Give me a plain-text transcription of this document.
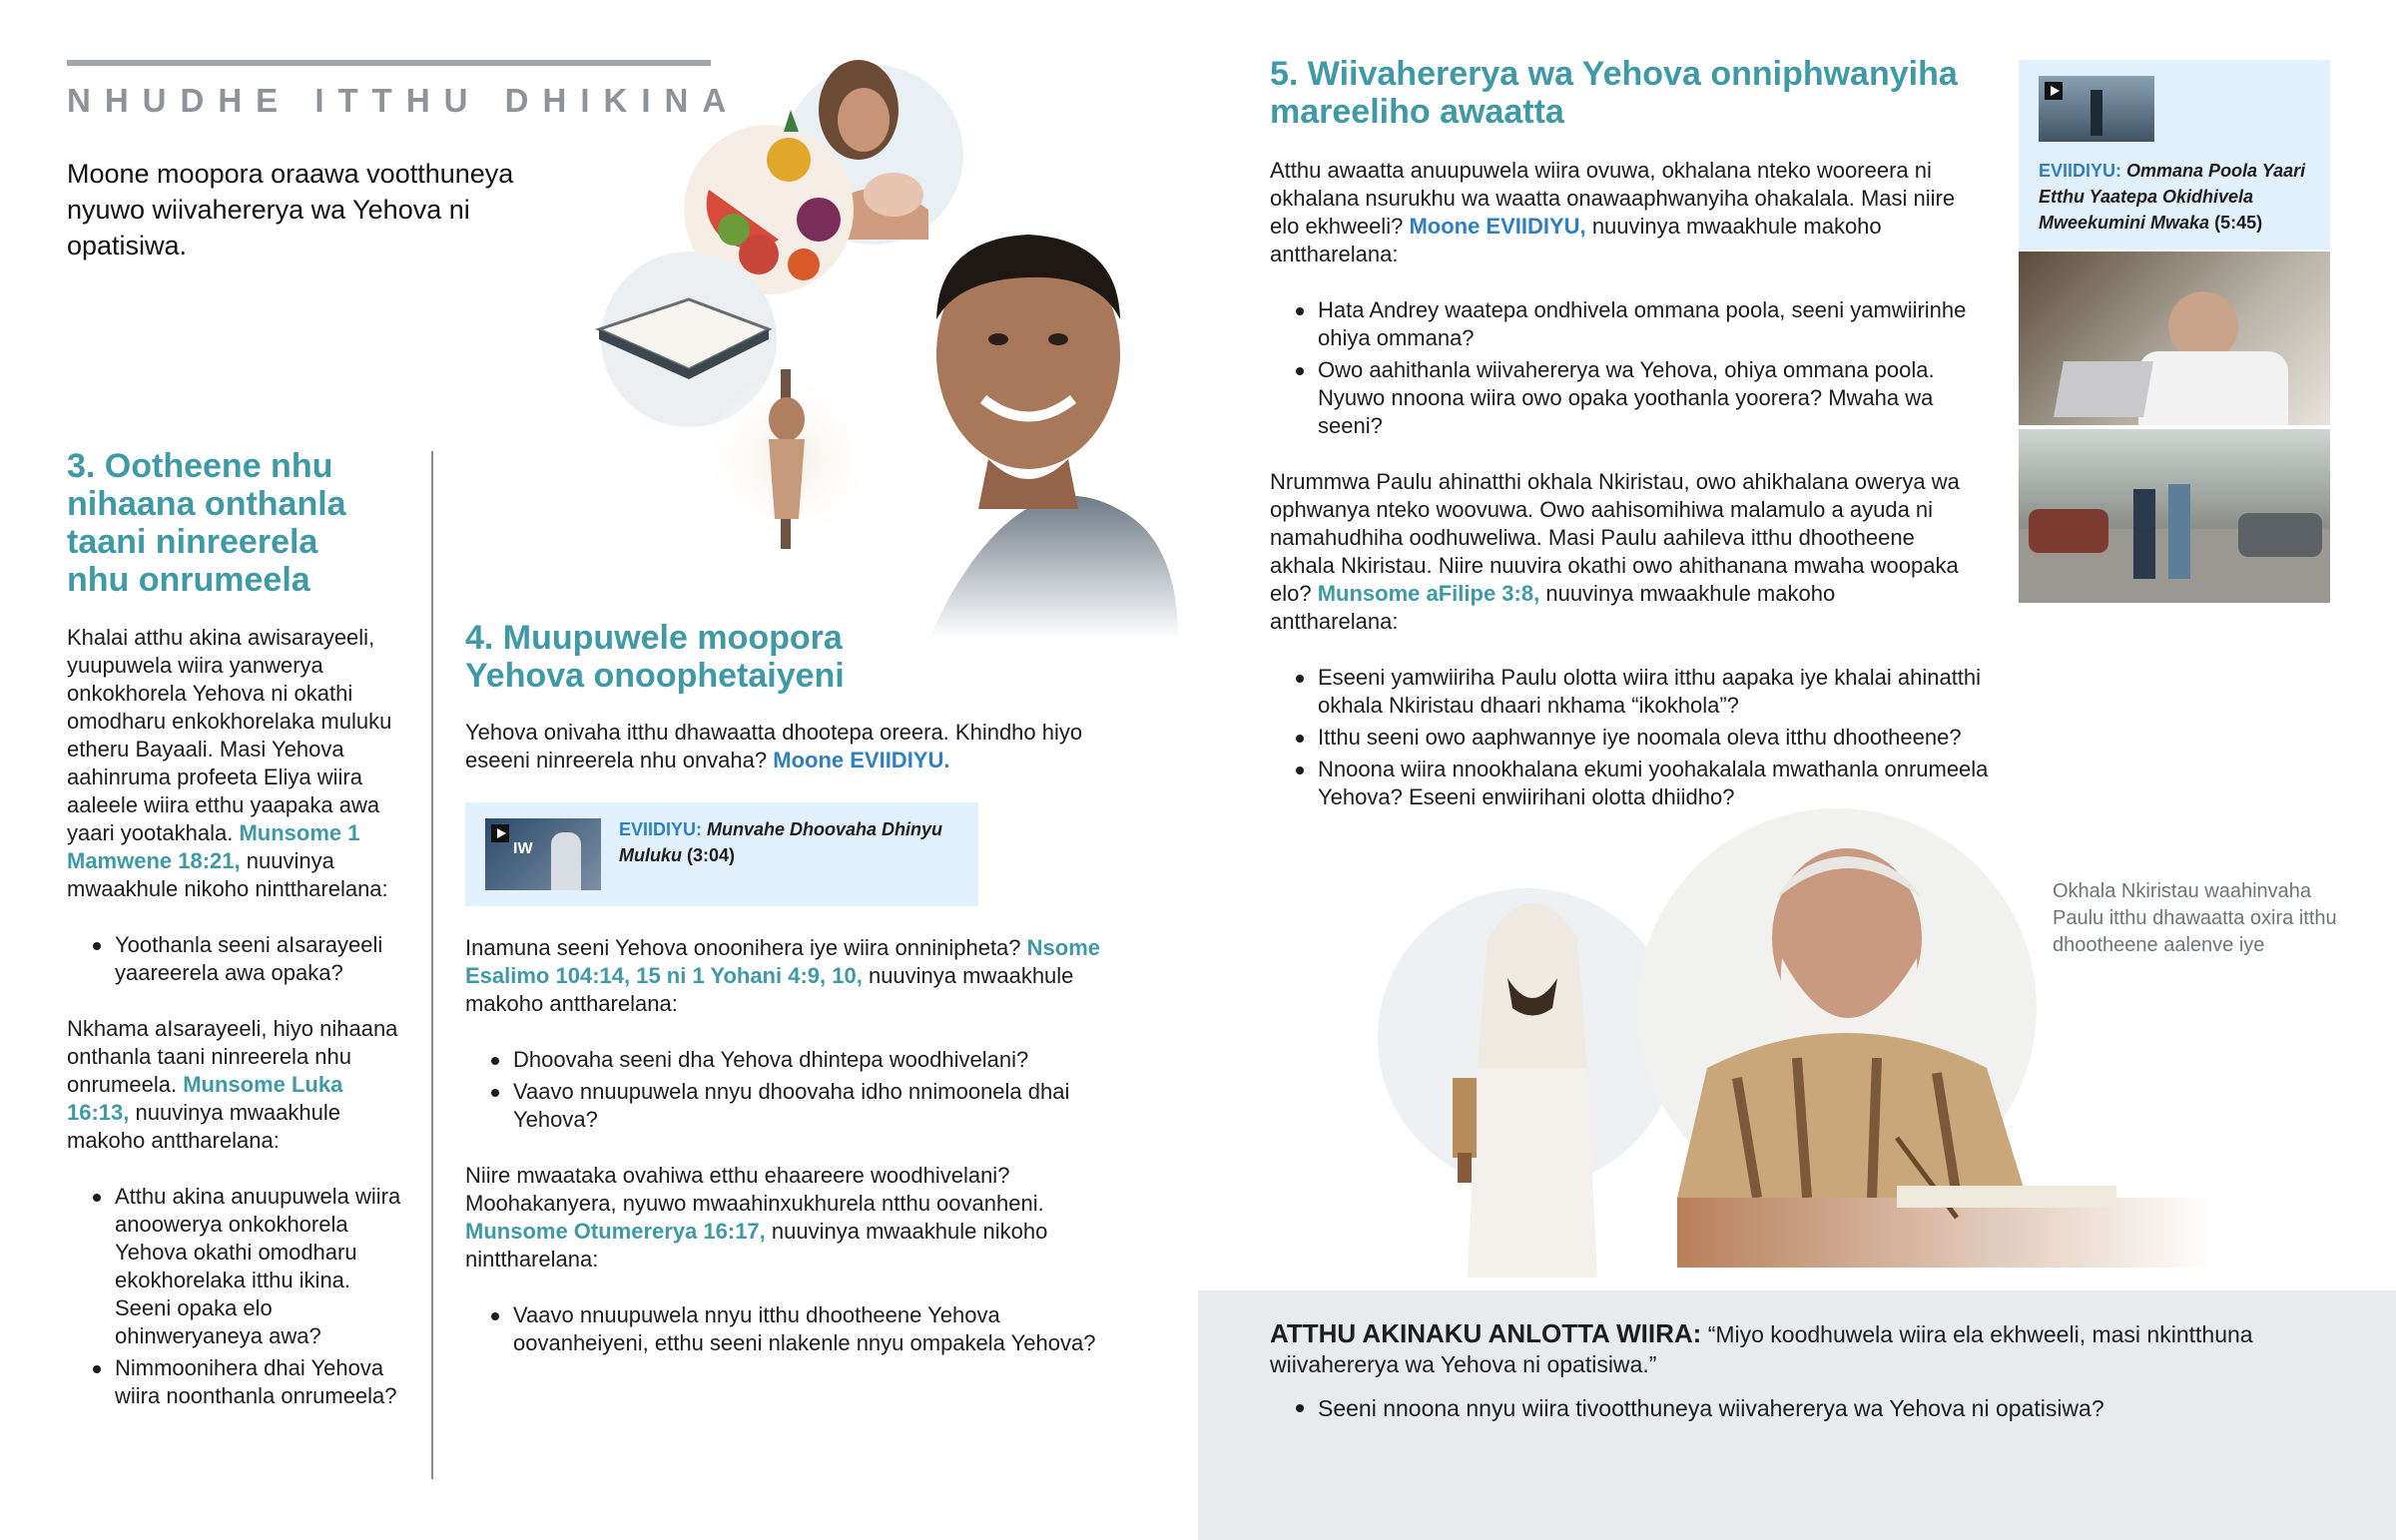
NHUDHE ITTHU DHIKINA
Moone moopora oraawa vootthuneya nyuwo wiivahererya wa Yehova ni opatisiwa.
3. Ootheene nhu nihaana onthanla taani ninreerela nhu onrumeela

Khalai atthu akina awisarayeeli, yuupuwela wiira yanwerya onkokhorela Yehova ni okathi omodharu enkokhorelaka muluku etheru Bayaali. Masi Yehova aahinruma profeeta Eliya wiira aaleele wiira etthu yaapaka awa yaari yootakhala. Munsome 1 Mamwene 18:21, nuuvinya mwaakhule nikoho ninttharelana:

Yoothanla seeni aIsarayeeli yaareerela awa opaka?

Nkhama aIsarayeeli, hiyo nihaana onthanla taani ninreerela nhu onrumeela. Munsome Luka 16:13, nuuvinya mwaakhule makoho anttharelana:

Atthu akina anuupuwela wiira anoowerya onkokhorela Yehova okathi omodharu ekokhorelaka itthu ikina. Seeni opaka elo ohinweryaneya awa?
Nimmoonihera dhai Yehova wiira noonthanla onrumeela?
4. Muupuwele moopora Yehova onoophetaiyeni
Yehova onivaha itthu dhawaatta dhootepa oreera. Khindho hiyo eseeni ninreerela nhu onvaha? Moone EVIIDIYU.
IW
EVIIDIYU: Munvahe Dhoovaha Dhinyu Muluku (3:04)

Inamuna seeni Yehova onoonihera iye wiira onninipheta? Nsome Esalimo 104:14, 15 ni 1 Yohani 4:9, 10, nuuvinya mwaakhule makoho anttharelana:

Dhoovaha seeni dha Yehova dhintepa woodhivelani?
Vaavo nnuupuwela nnyu dhoovaha idho nnimoonela dhai Yehova?

Niire mwaataka ovahiwa etthu ehaareere woodhivelani? Moohakanyera, nyuwo mwaahinxukhurela ntthu oovanheni. Munsome Otumererya 16:17, nuuvinya mwaakhule nikoho ninttharelana:

Vaavo nnuupuwela nnyu itthu dhootheene Yehova oovanheiyeni, etthu seeni nlakenle nnyu ompakela Yehova?
5. Wiivahererya wa Yehova onniphwanyiha mareeliho awaatta

Atthu awaatta anuupuwela wiira ovuwa, okhalana nteko wooreera ni okhalana nsurukhu wa waatta onawaaphwanyiha ohakalala. Masi niire elo ekhweeli? Moone EVIIDIYU, nuuvinya mwaakhule makoho anttharelana:

Hata Andrey waatepa ondhivela ommana poola, seeni yamwiirinhe ohiya ommana?
Owo aahithanla wiivahererya wa Yehova, ohiya ommana poola. Nyuwo nnoona wiira owo opaka yoothanla yoorera? Mwaha wa seeni?

Nrummwa Paulu ahinatthi okhala Nkiristau, owo ahikhalana owerya wa ophwanya nteko woovuwa. Owo aahisomihiwa malamulo a ayuda ni namahudhiha oodhuweliwa. Masi Paulu aahileva itthu dhootheene akhala Nkiristau. Niire nuuvira okathi owo ahithanana mwaha woopaka elo? Munsome aFilipe 3:8, nuuvinya mwaakhule makoho anttharelana:

Eseeni yamwiiriha Paulu olotta wiira itthu aapaka iye khalai ahinatthi okhala Nkiristau dhaari nkhama “ikokhola”?
Itthu seeni owo aaphwannye iye noomala oleva itthu dhootheene?
Nnoona wiira nnookhalana ekumi yoohakalala mwathanla onrumeela Yehova? Eseeni enwiirihani olotta dhiidho?
EVIIDIYU: Ommana Poola Yaari Etthu Yaatepa Okidhivela Mweekumini Mwaka (5:45)
Okhala Nkiristau waahinvaha Paulu itthu dhawaatta oxira itthu dhootheene aalenve iye

ATTHU AKINAKU ANLOTTA WIIRA: “Miyo koodhuwela wiira ela ekhweeli, masi nkintthuna wiivahererya wa Yehova ni opatisiwa.”

Seeni nnoona nnyu wiira tivootthuneya wiivahererya wa Yehova ni opatisiwa?
